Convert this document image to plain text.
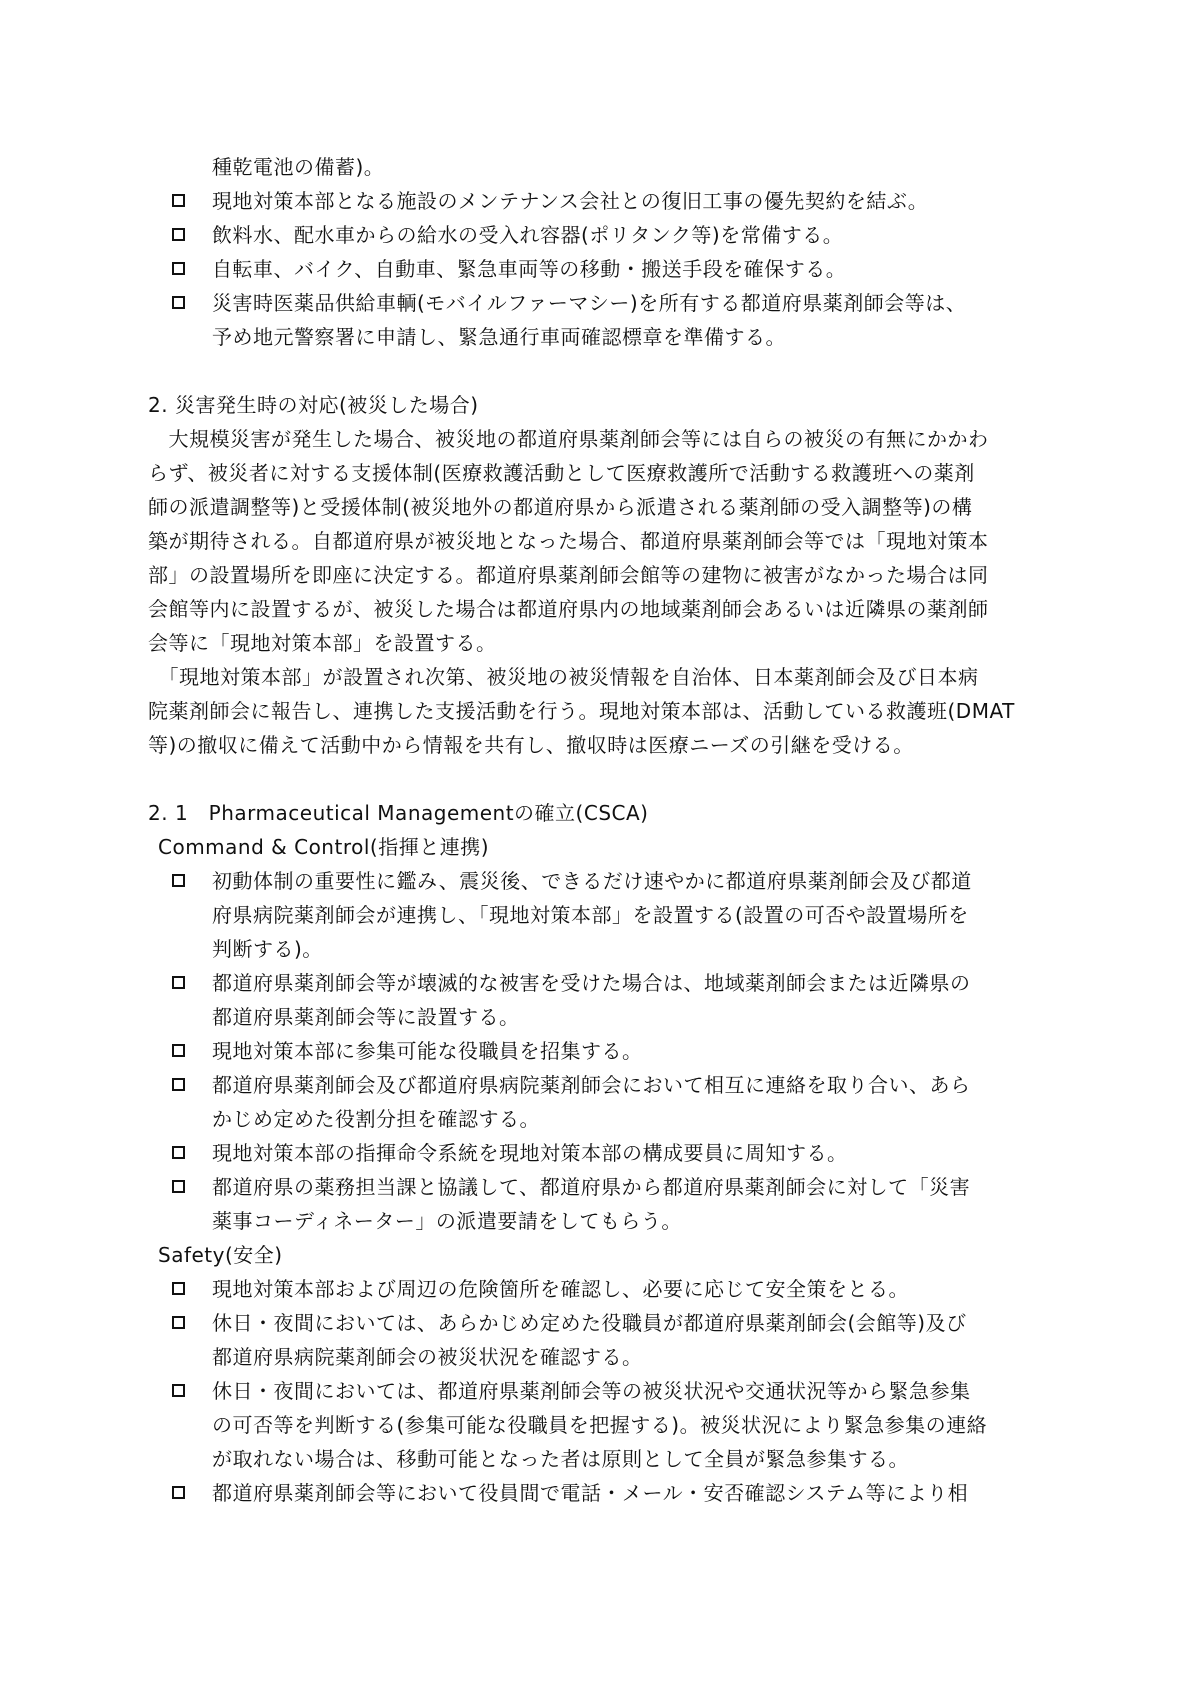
種乾電池の備蓄)。

現地対策本部となる施設のメンテナンス会社との復旧工事の優先契約を結ぶ。
飲料水、配水車からの給水の受入れ容器(ポリタンク等)を常備する。
自転車、バイク、自動車、緊急車両等の移動・搬送手段を確保する。
災害時医薬品供給車輌(モバイルファーマシー)を所有する都道府県薬剤師会等は、
予め地元警察署に申請し、緊急通行車両確認標章を準備する。

2. 災害発生時の対応(被災した場合)

　大規模災害が発生した場合、被災地の都道府県薬剤師会等には自らの被災の有無にかかわ
らず、被災者に対する支援体制(医療救護活動として医療救護所で活動する救護班への薬剤
師の派遣調整等)と受援体制(被災地外の都道府県から派遣される薬剤師の受入調整等)の構
築が期待される。自都道府県が被災地となった場合、都道府県薬剤師会等では「現地対策本
部」の設置場所を即座に決定する。都道府県薬剤師会館等の建物に被害がなかった場合は同
会館等内に設置するが、被災した場合は都道府県内の地域薬剤師会あるいは近隣県の薬剤師
会等に「現地対策本部」を設置する。
　「現地対策本部」が設置され次第、被災地の被災情報を自治体、日本薬剤師会及び日本病
院薬剤師会に報告し、連携した支援活動を行う。現地対策本部は、活動している救護班(DMAT
等)の撤収に備えて活動中から情報を共有し、撤収時は医療ニーズの引継を受ける。

2. 1　Pharmaceutical Managementの確立(CSCA)

Command & Control(指揮と連携)

初動体制の重要性に鑑み、震災後、できるだけ速やかに都道府県薬剤師会及び都道
府県病院薬剤師会が連携し、「現地対策本部」を設置する(設置の可否や設置場所を
判断する)。
都道府県薬剤師会等が壊滅的な被害を受けた場合は、地域薬剤師会または近隣県の
都道府県薬剤師会等に設置する。
現地対策本部に参集可能な役職員を招集する。
都道府県薬剤師会及び都道府県病院薬剤師会において相互に連絡を取り合い、あら
かじめ定めた役割分担を確認する。
現地対策本部の指揮命令系統を現地対策本部の構成要員に周知する。
都道府県の薬務担当課と協議して、都道府県から都道府県薬剤師会に対して「災害
薬事コーディネーター」の派遣要請をしてもらう。

Safety(安全)

現地対策本部および周辺の危険箇所を確認し、必要に応じて安全策をとる。
休日・夜間においては、あらかじめ定めた役職員が都道府県薬剤師会(会館等)及び
都道府県病院薬剤師会の被災状況を確認する。
休日・夜間においては、都道府県薬剤師会等の被災状況や交通状況等から緊急参集
の可否等を判断する(参集可能な役職員を把握する)。被災状況により緊急参集の連絡
が取れない場合は、移動可能となった者は原則として全員が緊急参集する。
都道府県薬剤師会等において役員間で電話・メール・安否確認システム等により相
